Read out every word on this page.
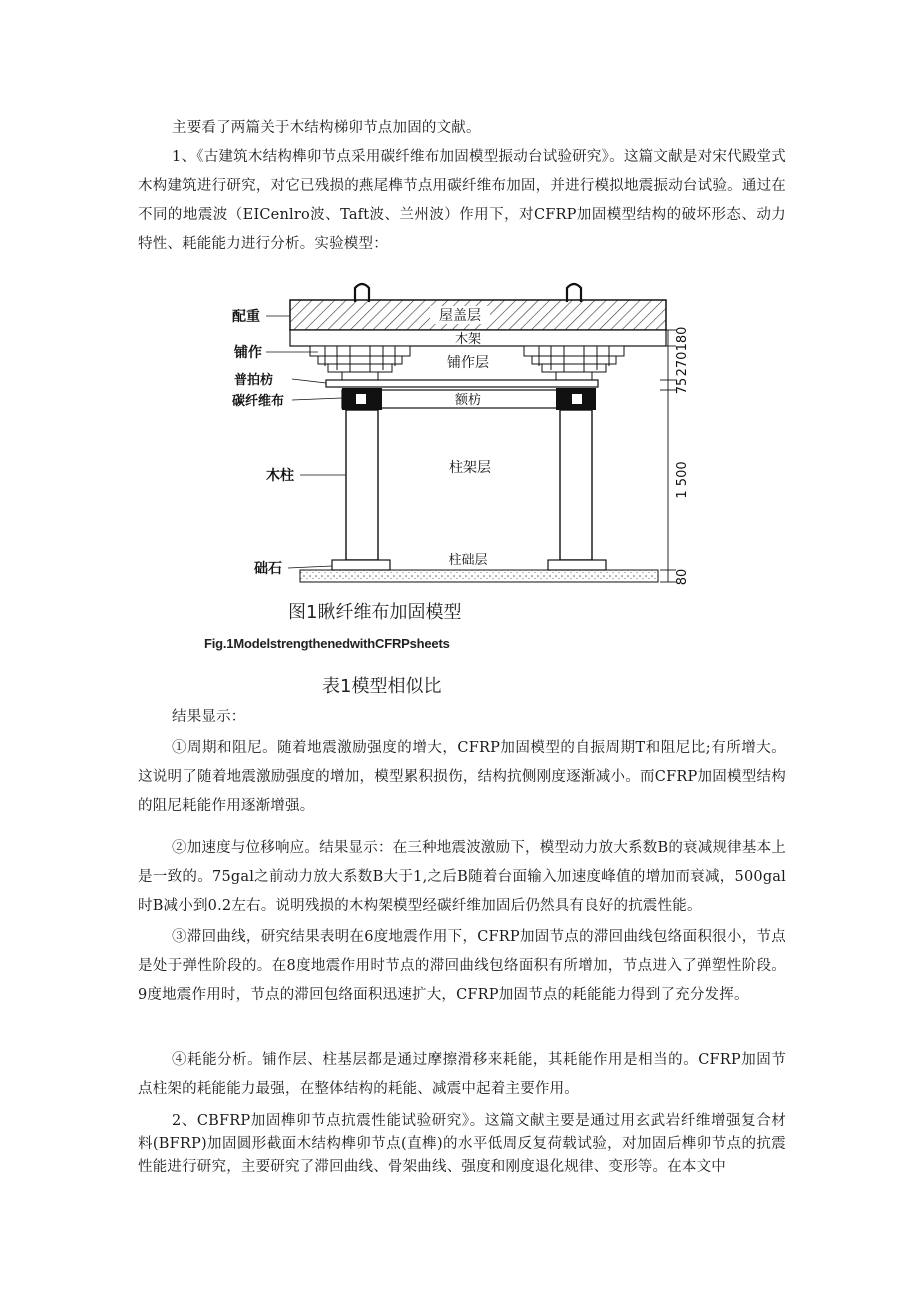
主要看了两篇关于木结构梯卯节点加固的文献。

1、《古建筑木结构榫卯节点采用碳纤维布加固模型振动台试验研究》。这篇文献是对宋代殿堂式木构建筑进行研究，对它已残损的燕尾榫节点用碳纤维布加固，并进行模拟地震振动台试验。通过在不同的地震波（EICenlro波、Taft波、兰州波）作用下，对CFRP加固模型结构的破坏形态、动力特性、耗能能力进行分析。实验模型：

屋盖层
木架
铺作层
额枋
柱架层
柱础层
配重
铺作
普拍枋
碳纤维布
木柱
础石
180
270
75
1 500
80
图1瞅纤维布加固模型
Fig.1ModelstrengthenedwithCFRPsheets
表1模型相似比

结果显示：

①周期和阻尼。随着地震激励强度的增大，CFRP加固模型的自振周期T和阻尼比;有所增大。这说明了随着地震激励强度的增加，模型累积损伤，结构抗侧刚度逐渐减小。而CFRP加固模型结构的阻尼耗能作用逐渐增强。

②加速度与位移响应。结果显示：在三种地震波激励下，模型动力放大系数B的衰减规律基本上是一致的。75gal之前动力放大系数B大于1,之后B随着台面输入加速度峰值的增加而衰减，500gal时B减小到0.2左右。说明残损的木构架模型经碳纤维加固后仍然具有良好的抗震性能。

③滞回曲线，研究结果表明在6度地震作用下，CFRP加固节点的滞回曲线包络面积很小，节点是处于弹性阶段的。在8度地震作用时节点的滞回曲线包络面积有所增加，节点进入了弹塑性阶段。9度地震作用时，节点的滞回包络面积迅速扩大，CFRP加固节点的耗能能力得到了充分发挥。

④耗能分析。铺作层、柱基层都是通过摩擦滑移来耗能，其耗能作用是相当的。CFRP加固节点柱架的耗能能力最强，在整体结构的耗能、减震中起着主要作用。

2、CBFRP加固榫卯节点抗震性能试验研究》。这篇文献主要是通过用玄武岩纤维增强复合材料(BFRP)加固圆形截面木结构榫卯节点(直榫)的水平低周反复荷载试验，对加固后榫卯节点的抗震性能进行研究，主要研究了滞回曲线、骨架曲线、强度和刚度退化规律、变形等。在本文中
